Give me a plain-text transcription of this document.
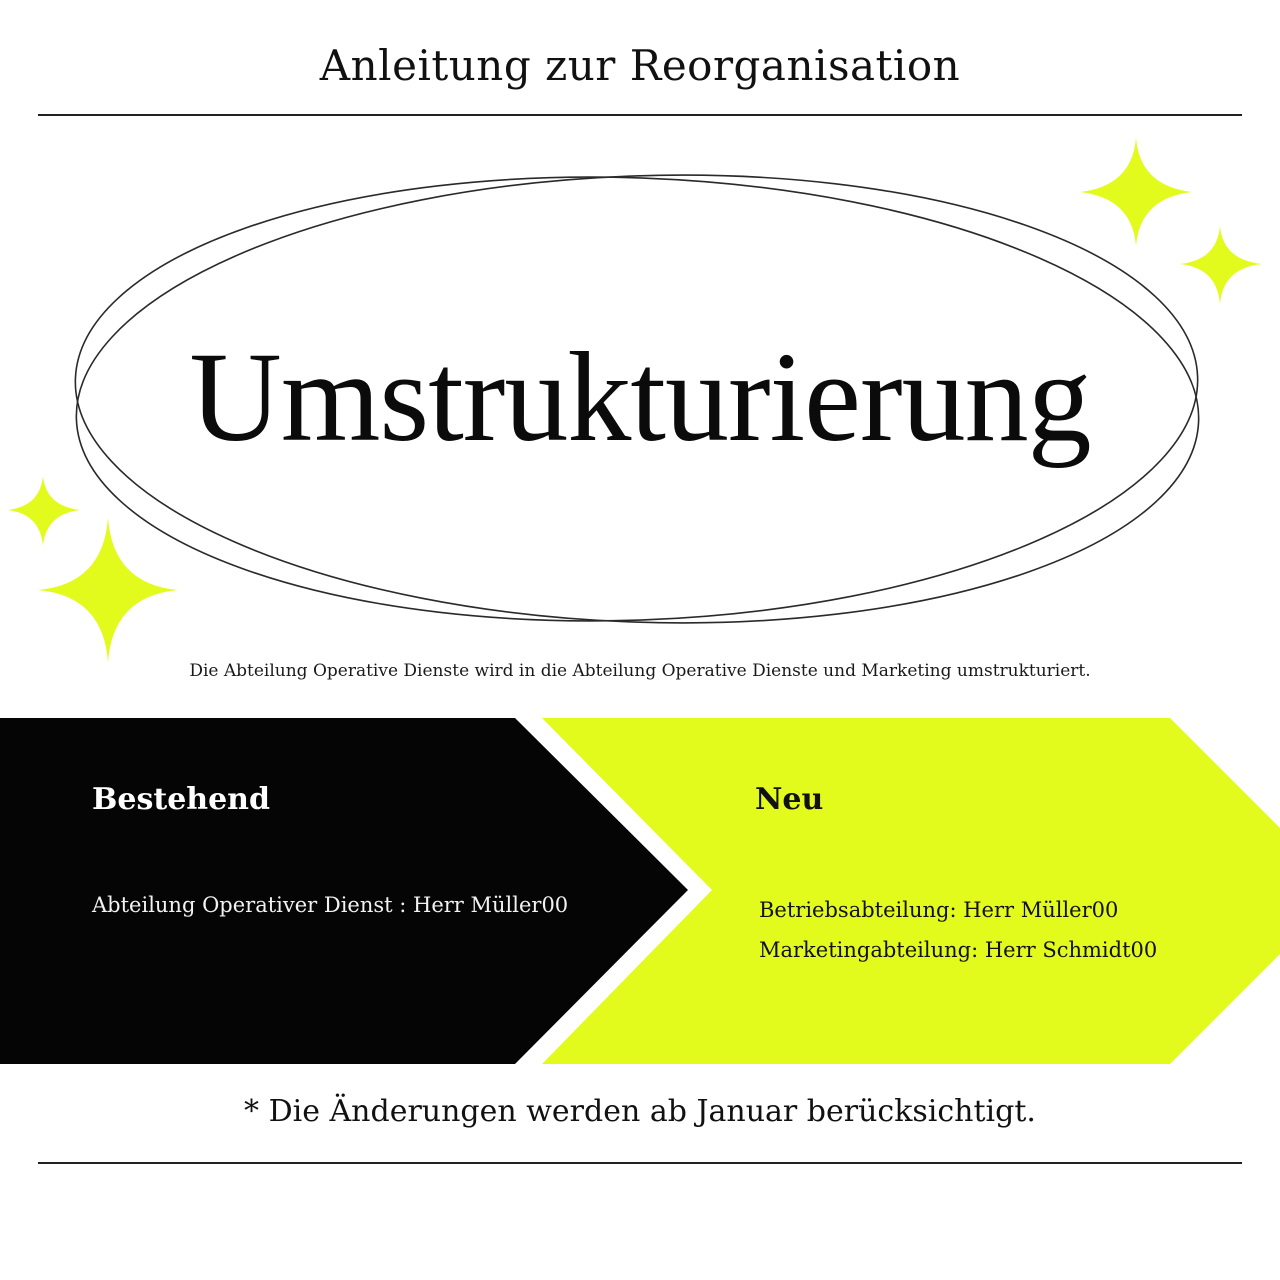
Anleitung zur Reorganisation
Umstrukturierung
Die Abteilung Operative Dienste wird in die Abteilung Operative Dienste und Marketing umstrukturiert.
Bestehend
Abteilung Operativer Dienst : Herr Müller00
Neu
Betriebsabteilung: Herr Müller00
Marketingabteilung: Herr Schmidt00
* Die Änderungen werden ab Januar berücksichtigt.
